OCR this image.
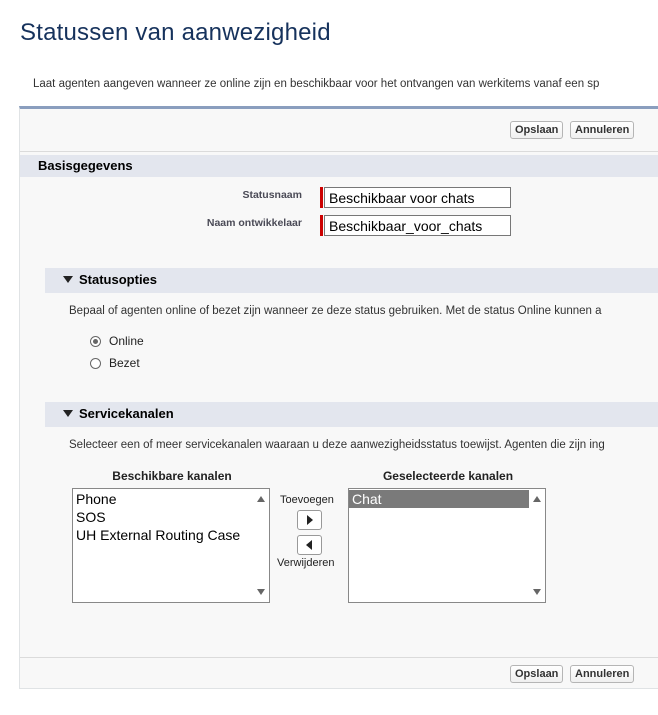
Statussen van aanwezigheid
Laat agenten aangeven wanneer ze online zijn en beschikbaar voor het ontvangen van werkitems vanaf een sp
Opslaan	Annuleren
Basisgegevens
Statusnaam
Beschikbaar voor chats
Naam ontwikkelaar
Beschikbaar_voor_chats
Statusopties
Bepaal of agenten online of bezet zijn wanneer ze deze status gebruiken. Met de status Online kunnen a
Online
Bezet
Servicekanalen
Selecteer een of meer servicekanalen waaraan u deze aanwezigheidsstatus toewijst. Agenten die zijn ing
Beschikbare kanalen	Geselecteerde kanalen
Phone
SOS
UH External Routing Case
Toevoegen
Verwijderen
Chat
Opslaan	Annuleren
